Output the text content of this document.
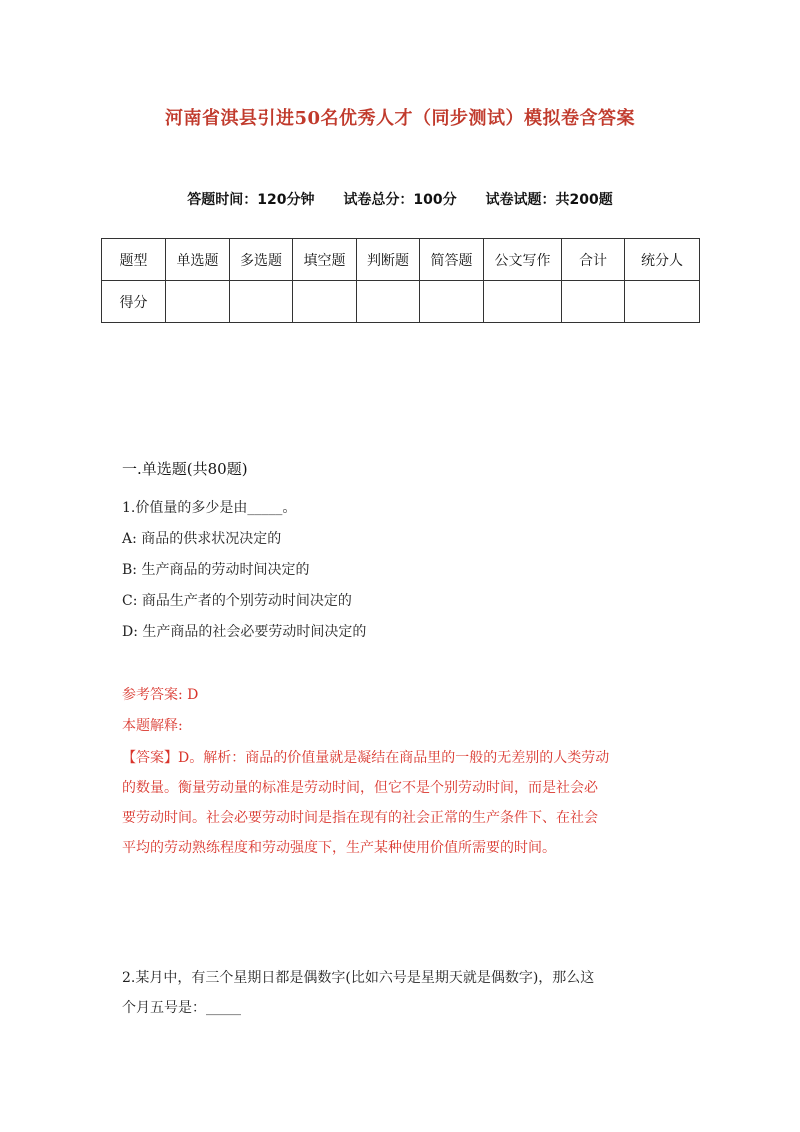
河南省淇县引进50名优秀人才（同步测试）模拟卷含答案
答题时间：120分钟 试卷总分：100分 试卷试题：共200题
题型	单选题	多选题	填空题	判断题	简答题	公文写作	合计	统分人
得分								
一.单选题(共80题)
1.价值量的多少是由_____。
A: 商品的供求状况决定的
B: 生产商品的劳动时间决定的
C: 商品生产者的个别劳动时间决定的
D: 生产商品的社会必要劳动时间决定的
参考答案: D
本题解释:
【答案】D。解析：商品的价值量就是凝结在商品里的一般的无差别的人类劳动
的数量。衡量劳动量的标准是劳动时间，但它不是个别劳动时间，而是社会必
要劳动时间。社会必要劳动时间是指在现有的社会正常的生产条件下、在社会
平均的劳动熟练程度和劳动强度下，生产某种使用价值所需要的时间。
2.某月中，有三个星期日都是偶数字(比如六号是星期天就是偶数字)，那么这
个月五号是：_____
